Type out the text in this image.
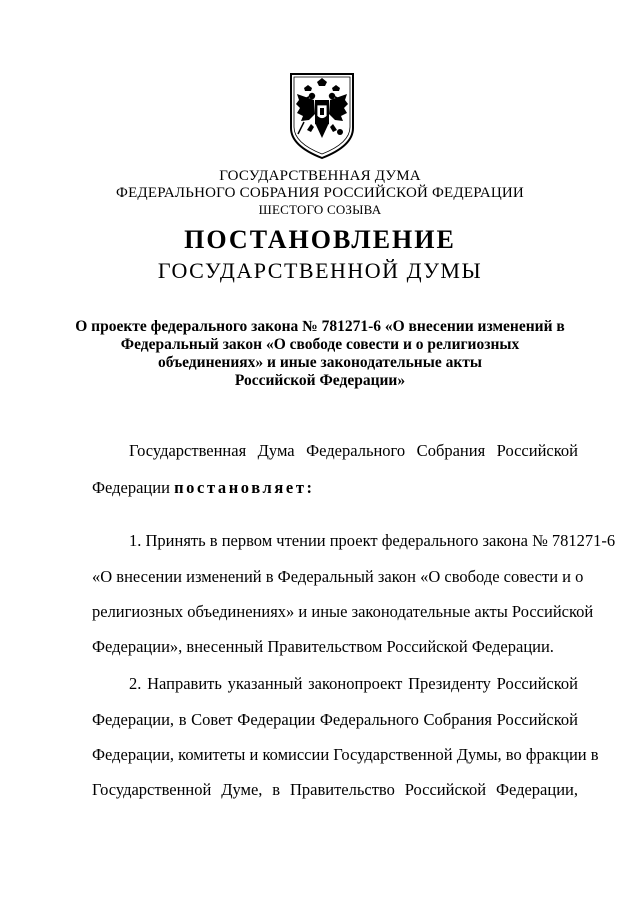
ГОСУДАРСТВЕННАЯ ДУМА
ФЕДЕРАЛЬНОГО СОБРАНИЯ РОССИЙСКОЙ ФЕДЕРАЦИИ
ШЕСТОГО СОЗЫВА
ПОСТАНОВЛЕНИЕ
ГОСУДАРСТВЕННОЙ ДУМЫ
О проекте федерального закона № 781271-6 «О внесении изменений в
Федеральный закон «О свободе совести и о религиозных
объединениях» и иные законодательные акты
Российской Федерации»
Государственная Дума Федерального Собрания Российской
Федерации постановляет:
1. Принять в первом чтении проект федерального закона № 781271-6
«О внесении изменений в Федеральный закон «О свободе совести и о
религиозных объединениях» и иные законодательные акты Российской
Федерации», внесенный Правительством Российской Федерации.
2. Направить указанный законопроект Президенту Российской
Федерации, в Совет Федерации Федерального Собрания Российской
Федерации, комитеты и комиссии Государственной Думы, во фракции в
Государственной Думе, в Правительство Российской Федерации,
